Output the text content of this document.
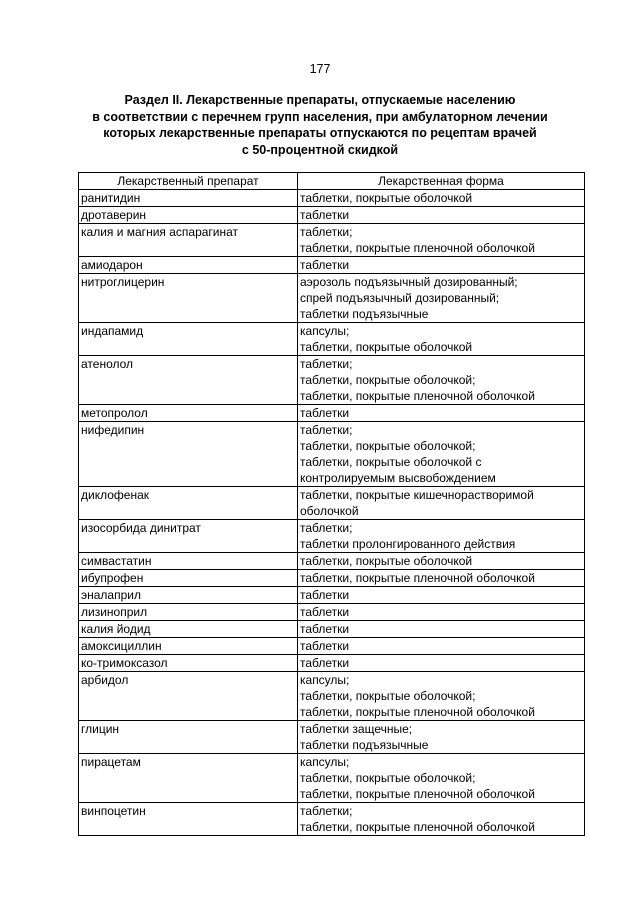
177
Раздел II. Лекарственные препараты, отпускаемые населению
в соответствии с перечнем групп населения, при амбулаторном лечении
которых лекарственные препараты отпускаются по рецептам врачей
с 50-процентной скидкой
Лекарственный препарат	Лекарственная форма
ранитидин	таблетки, покрытые оболочкой

дротаверин	таблетки

калия и магния аспарагинат	таблетки;
таблетки, покрытые пленочной оболочкой

амиодарон	таблетки

нитроглицерин	аэрозоль подъязычный дозированный;
спрей подъязычный дозированный;
таблетки подъязычные

индапамид	капсулы;
таблетки, покрытые оболочкой

атенолол	таблетки;
таблетки, покрытые оболочкой;
таблетки, покрытые пленочной оболочкой

метопролол	таблетки

нифедипин	таблетки;
таблетки, покрытые оболочкой;
таблетки, покрытые оболочкой с
контролируемым высвобождением

диклофенак	таблетки, покрытые кишечнорастворимой
оболочкой

изосорбида динитрат	таблетки;
таблетки пролонгированного действия

симвастатин	таблетки, покрытые оболочкой

ибупрофен	таблетки, покрытые пленочной оболочкой

эналаприл	таблетки

лизиноприл	таблетки

калия йодид	таблетки

амоксициллин	таблетки

ко-тримоксазол	таблетки

арбидол	капсулы;
таблетки, покрытые оболочкой;
таблетки, покрытые пленочной оболочкой

глицин	таблетки защечные;
таблетки подъязычные

пирацетам	капсулы;
таблетки, покрытые оболочкой;
таблетки, покрытые пленочной оболочкой

винпоцетин	таблетки;
таблетки, покрытые пленочной оболочкой
